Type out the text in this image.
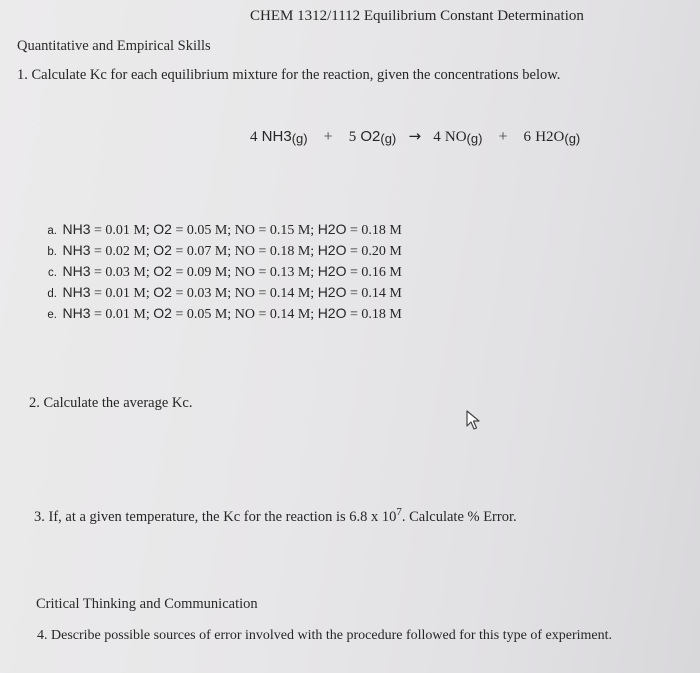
CHEM 1312/1112 Equilibrium Constant Determination
Quantitative and Empirical Skills
1. Calculate Kc for each equilibrium mixture for the reaction, given the concentrations below.
4 NH3(g) + 5 O2(g) → 4 NO(g) + 6 H2O(g)
a. NH3 = 0.01 M; O2 = 0.05 M; NO = 0.15 M; H2O = 0.18 M
b. NH3 = 0.02 M; O2 = 0.07 M; NO = 0.18 M; H2O = 0.20 M
c. NH3 = 0.03 M; O2 = 0.09 M; NO = 0.13 M; H2O = 0.16 M
d. NH3 = 0.01 M; O2 = 0.03 M; NO = 0.14 M; H2O = 0.14 M
e. NH3 = 0.01 M; O2 = 0.05 M; NO = 0.14 M; H2O = 0.18 M
2. Calculate the average Kc.
3. If, at a given temperature, the Kc for the reaction is 6.8 x $10^7$. Calculate % Error.
Critical Thinking and Communication
4. Describe possible sources of error involved with the procedure followed for this type of experiment.
